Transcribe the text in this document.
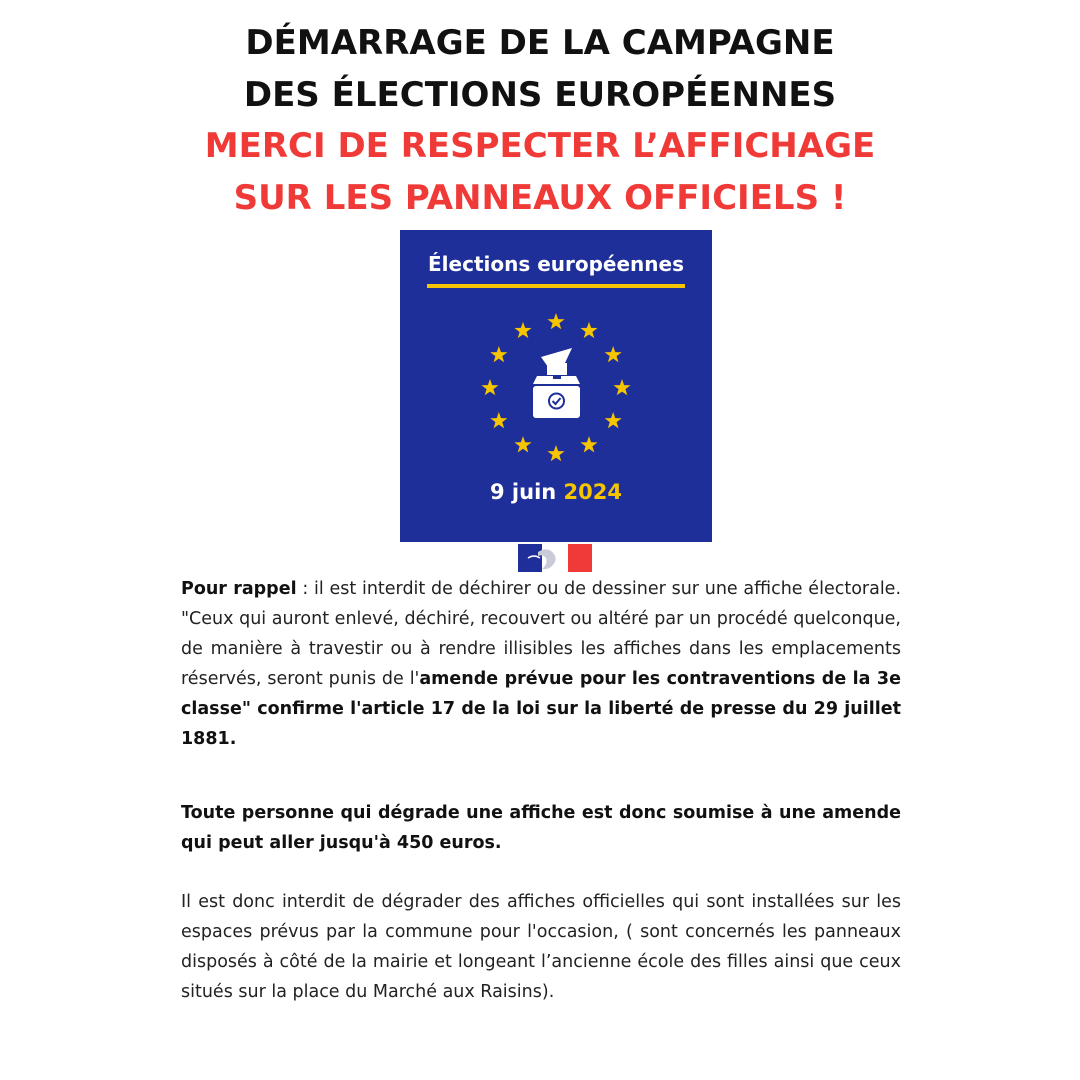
DÉMARRAGE DE LA CAMPAGNE
DES ÉLECTIONS EUROPÉENNES
MERCI DE RESPECTER L’AFFICHAGE
SUR LES PANNEAUX OFFICIELS !
Élections européennes
9 juin 2024

Pour rappel : il est interdit de déchirer ou de dessiner sur une affiche électorale. "Ceux qui auront enlevé, déchiré, recouvert ou altéré par un procédé quelconque, de manière à travestir ou à rendre illisibles les affiches dans les emplacements réservés, seront punis de l'amende prévue pour les contraventions de la 3e classe" confirme l'article 17 de la loi sur la liberté de presse du 29 juillet 1881.

Toute personne qui dégrade une affiche est donc soumise à une amende qui peut aller jusqu'à 450 euros.

Il est donc interdit de dégrader des affiches officielles qui sont installées sur les espaces prévus par la commune pour l'occasion, ( sont concernés les panneaux disposés à côté de la mairie et longeant l’ancienne école des filles ainsi que ceux situés sur la place du Marché aux Raisins).
